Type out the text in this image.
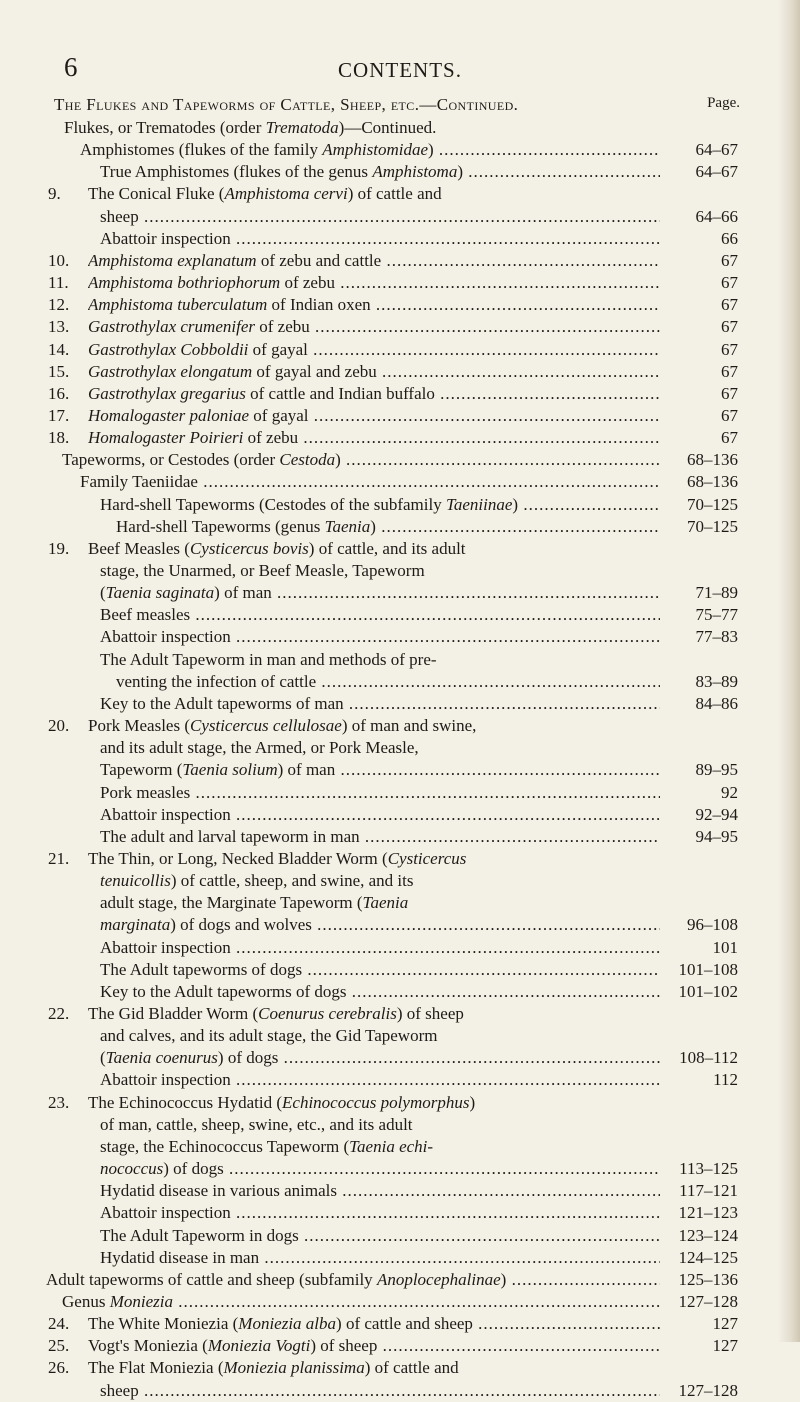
6	CONTENTS.
The Flukes and Tapeworms of Cattle, Sheep, etc.—Continued.	Page.
Flukes, or Trematodes (order Trematoda)—Continued.
Amphistomes (flukes of the family Amphistomidae) .....	64–67
True Amphistomes (flukes of the genus Amphistoma) .....	64–67
9. The Conical Fluke (Amphistoma cervi) of cattle and
sheep .....	64–66
Abattoir inspection .....	66
10. Amphistoma explanatum of zebu and cattle .....	67
11. Amphistoma bothriophorum of zebu .....	67
12. Amphistoma tuberculatum of Indian oxen .....	67
13. Gastrothylax crumenifer of zebu .....	67
14. Gastrothylax Cobboldii of gayal .....	67
15. Gastrothylax elongatum of gayal and zebu .....	67
16. Gastrothylax gregarius of cattle and Indian buffalo .....	67
17. Homalogaster paloniae of gayal .....	67
18. Homalogaster Poirieri of zebu .....	67
Tapeworms, or Cestodes (order Cestoda) .....	68–136
Family Taeniidae .....	68–136
Hard-shell Tapeworms (Cestodes of the subfamily Taeniinae) .....	70–125
Hard-shell Tapeworms (genus Taenia) .....	70–125
19. Beef Measles (Cysticercus bovis) of cattle, and its adult
stage, the Unarmed, or Beef Measle, Tapeworm
(Taenia saginata) of man .....	71–89
Beef measles .....	75–77
Abattoir inspection .....	77–83
The Adult Tapeworm in man and methods of pre-
venting the infection of cattle .....	83–89
Key to the Adult tapeworms of man .....	84–86
20. Pork Measles (Cysticercus cellulosae) of man and swine,
and its adult stage, the Armed, or Pork Measle,
Tapeworm (Taenia solium) of man .....	89–95
Pork measles .....	92
Abattoir inspection .....	92–94
The adult and larval tapeworm in man .....	94–95
21. The Thin, or Long, Necked Bladder Worm (Cysticercus
tenuicollis) of cattle, sheep, and swine, and its
adult stage, the Marginate Tapeworm (Taenia
marginata) of dogs and wolves .....	96–108
Abattoir inspection .....	101
The Adult tapeworms of dogs .....	101–108
Key to the Adult tapeworms of dogs .....	101–102
22. The Gid Bladder Worm (Coenurus cerebralis) of sheep
and calves, and its adult stage, the Gid Tapeworm
(Taenia coenurus) of dogs .....	108–112
Abattoir inspection .....	112
23. The Echinococcus Hydatid (Echinococcus polymorphus)
of man, cattle, sheep, swine, etc., and its adult
stage, the Echinococcus Tapeworm (Taenia echi-
nococcus) of dogs .....	113–125
Hydatid disease in various animals .....	117–121
Abattoir inspection .....	121–123
The Adult Tapeworm in dogs .....	123–124
Hydatid disease in man .....	124–125
Adult tapeworms of cattle and sheep (subfamily Anoplocephalinae) .....	125–136
Genus Moniezia .....	127–128
24. The White Moniezia (Moniezia alba) of cattle and sheep .....	127
25. Vogt's Moniezia (Moniezia Vogti) of sheep .....	127
26. The Flat Moniezia (Moniezia planissima) of cattle and
sheep .....	127–128
